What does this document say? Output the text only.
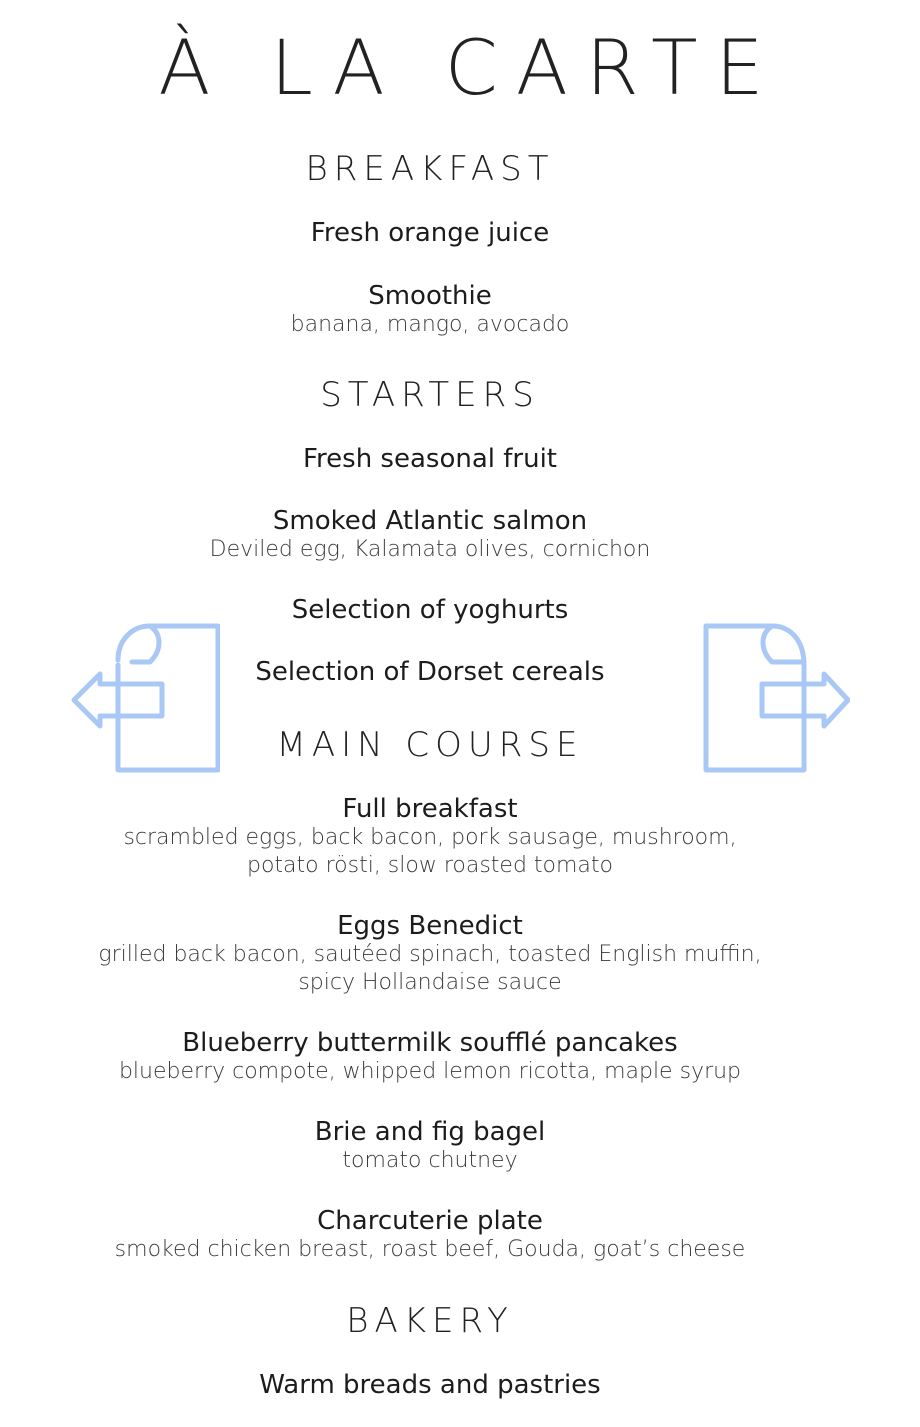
À LA CARTE
BREAKFAST
Fresh orange juice
Smoothie
banana, mango, avocado
STARTERS
Fresh seasonal fruit
Smoked Atlantic salmon
Deviled egg, Kalamata olives, cornichon
Selection of yoghurts
Selection of Dorset cereals
MAIN COURSE
Full breakfast
scrambled eggs, back bacon, pork sausage, mushroom,
potato rösti, slow roasted tomato
Eggs Benedict
grilled back bacon, sautéed spinach, toasted English muffin,
spicy Hollandaise sauce
Blueberry buttermilk soufflé pancakes
blueberry compote, whipped lemon ricotta, maple syrup
Brie and fig bagel
tomato chutney
Charcuterie plate
smoked chicken breast, roast beef, Gouda, goat’s cheese
BAKERY
Warm breads and pastries
